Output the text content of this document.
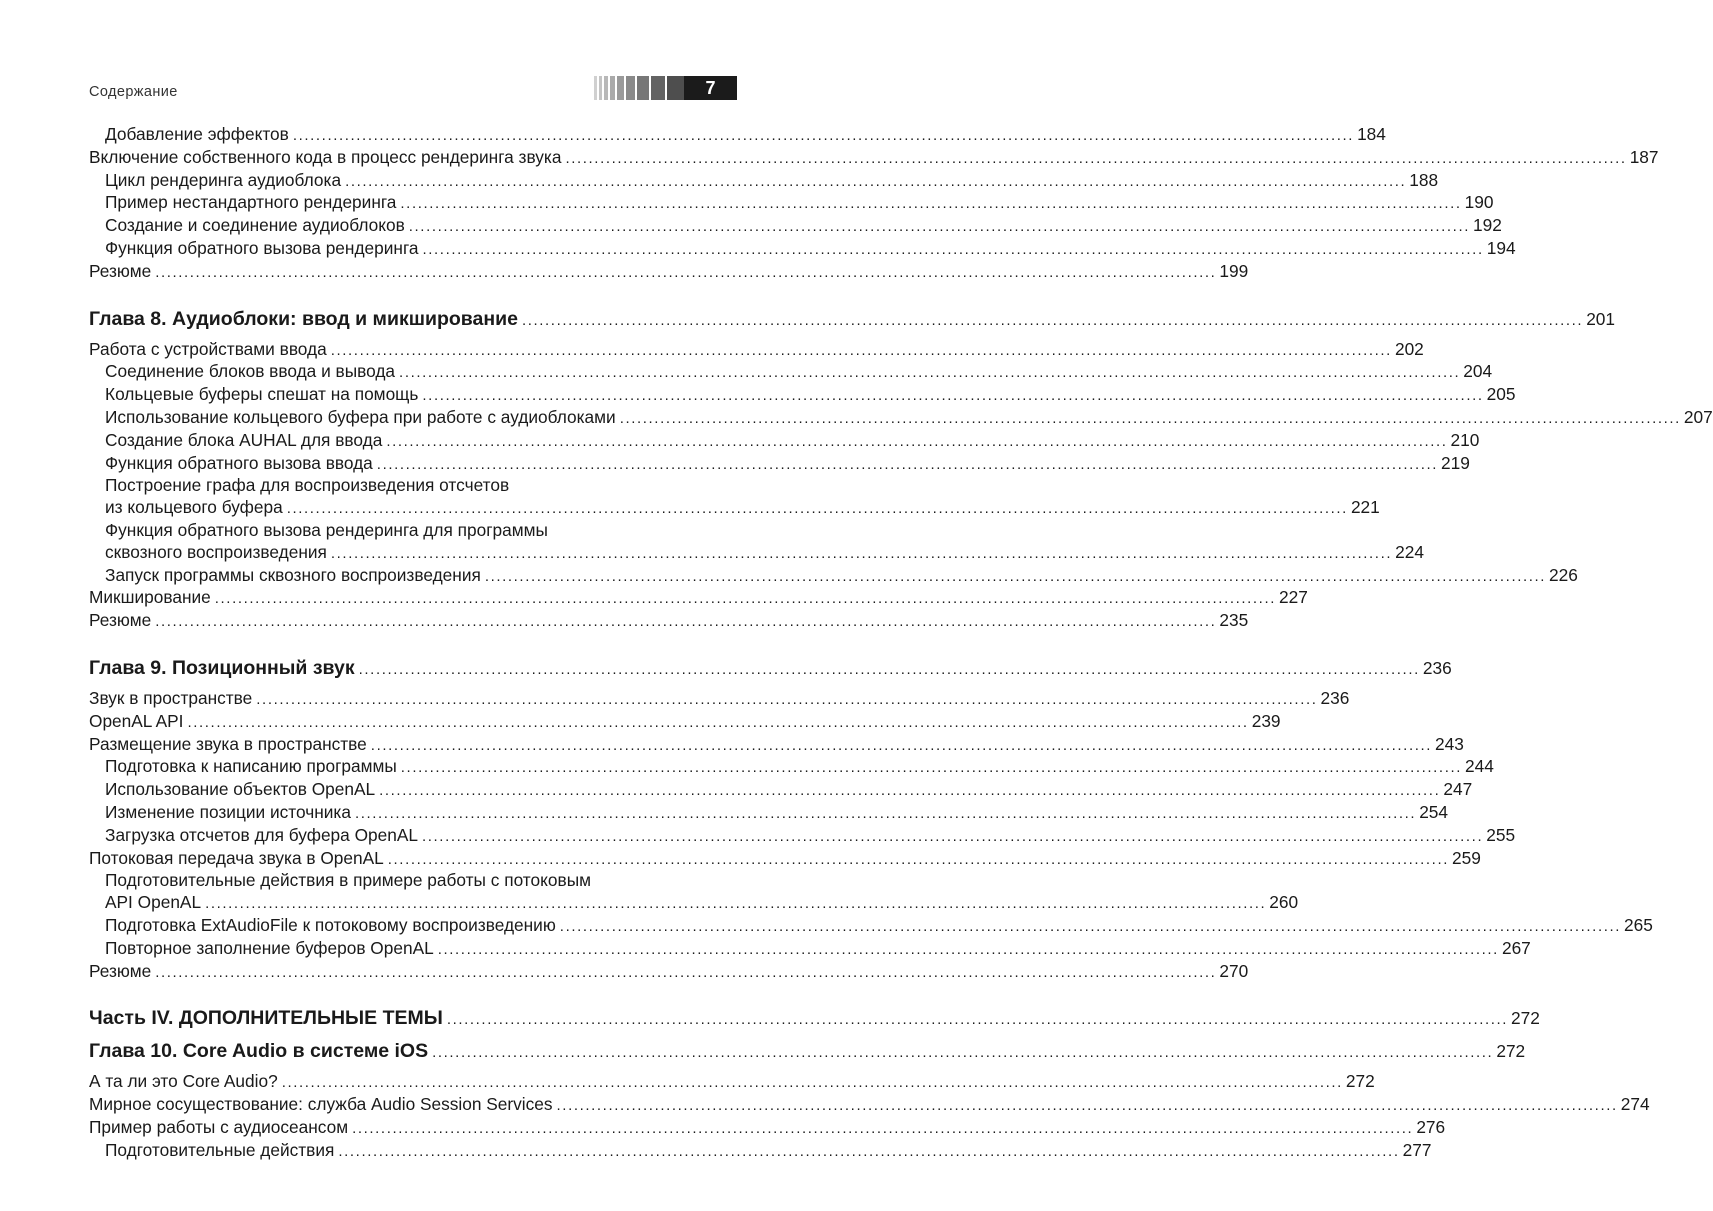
Содержание	7
Добавление эффектов .....	184
Включение собственного кода в процесс рендеринга звука .....	187
Цикл рендеринга аудиоблока .....	188
Пример нестандартного рендеринга .....	190
Создание и соединение аудиоблоков .....	192
Функция обратного вызова рендеринга .....	194
Резюме .....	199
Глава 8. Аудиоблоки: ввод и микширование .....	201
Работа с устройствами ввода .....	202
Соединение блоков ввода и вывода .....	204
Кольцевые буферы спешат на помощь .....	205
Использование кольцевого буфера при работе с аудиоблоками .....	207
Создание блока AUHAL для ввода .....	210
Функция обратного вызова ввода .....	219
Построение графа для воспроизведения отсчетов
из кольцевого буфера .....	221
Функция обратного вызова рендеринга для программы
сквозного воспроизведения .....	224
Запуск программы сквозного воспроизведения .....	226
Микширование .....	227
Резюме .....	235
Глава 9. Позиционный звук .....	236
Звук в пространстве .....	236
OpenAL API .....	239
Размещение звука в пространстве .....	243
Подготовка к написанию программы .....	244
Использование объектов OpenAL .....	247
Изменение позиции источника .....	254
Загрузка отсчетов для буфера OpenAL .....	255
Потоковая передача звука в OpenAL .....	259
Подготовительные действия в примере работы с потоковым
API OpenAL .....	260
Подготовка ExtAudioFile к потоковому воспроизведению .....	265
Повторное заполнение буферов OpenAL .....	267
Резюме .....	270
Часть IV. ДОПОЛНИТЕЛЬНЫЕ ТЕМЫ .....	272
Глава 10. Core Audio в системе iOS .....	272
А та ли это Core Audio? .....	272
Мирное сосуществование: служба Audio Session Services .....	274
Пример работы с аудиосеансом .....	276
Подготовительные действия .....	277
